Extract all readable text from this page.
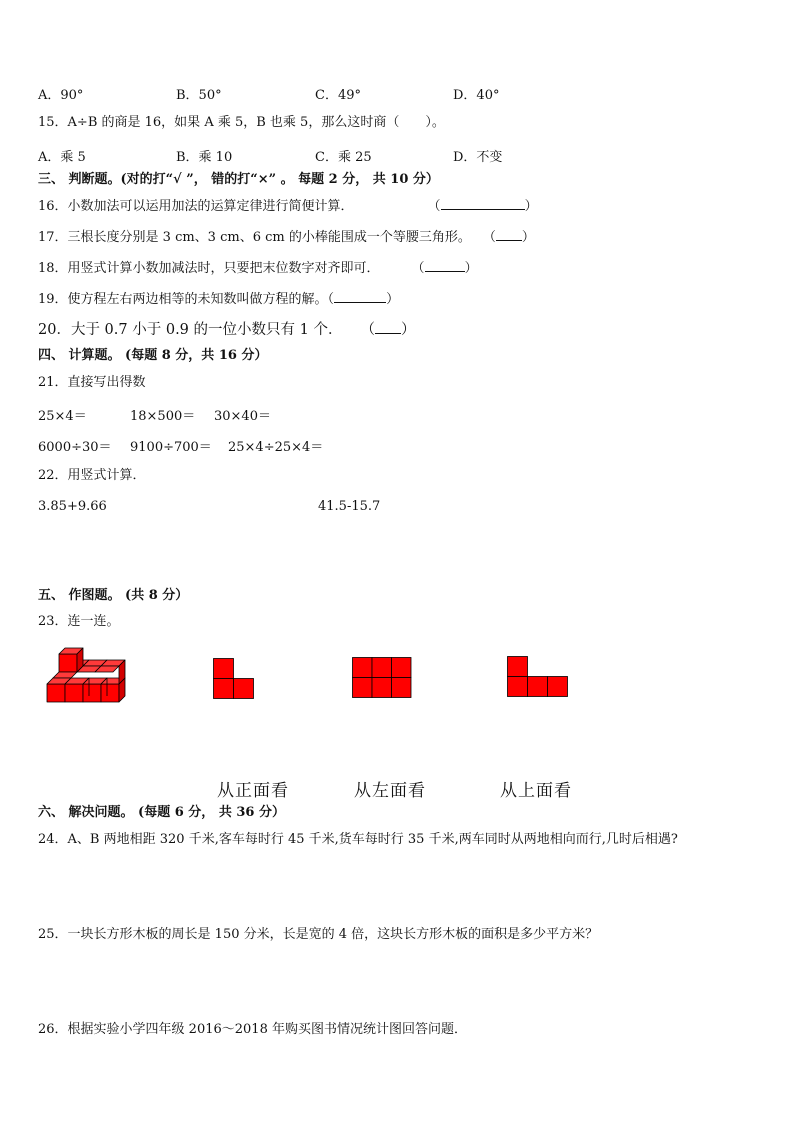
A．90°	B．50°	C．49°	D．40°
15．A÷B 的商是 16，如果 A 乘 5，B 也乘 5，那么这时商（　　）。
A．乘 5	B．乘 10	C．乘 25	D．不变
三、 判断题。(对的打“√ ”， 错的打“×” 。 每题 2 分， 共 10 分）
16．小数加法可以运用加法的运算定律进行简便计算．	（	）
17．三根长度分别是 3 cm、3 cm、6 cm 的小棒能围成一个等腰三角形。 （ ）
18．用竖式计算小数加减法时，只要把末位数字对齐即可． （	）
19．使方程左右两边相等的未知数叫做方程的解。（	）
20．大于 0.7 小于 0.9 的一位小数只有 1 个． （ ）
四、 计算题。 (每题 8 分，共 16 分）
21．直接写出得数
25×4＝	18×500＝ 30×40＝
6000÷30＝ 9100÷700＝ 25×4÷25×4＝
22．用竖式计算．
3.85+9.66	41.5-15.7
五、 作图题。 (共 8 分）
23．连一连。
从正面看	从左面看	从上面看
六、 解决问题。 (每题 6 分， 共 36 分）
24．A、B 两地相距 320 千米,客车每时行 45 千米,货车每时行 35 千米,两车同时从两地相向而行,几时后相遇?
25．一块长方形木板的周长是 150 分米，长是宽的 4 倍，这块长方形木板的面积是多少平方米？
26．根据实验小学四年级 2016～2018 年购买图书情况统计图回答问题．
